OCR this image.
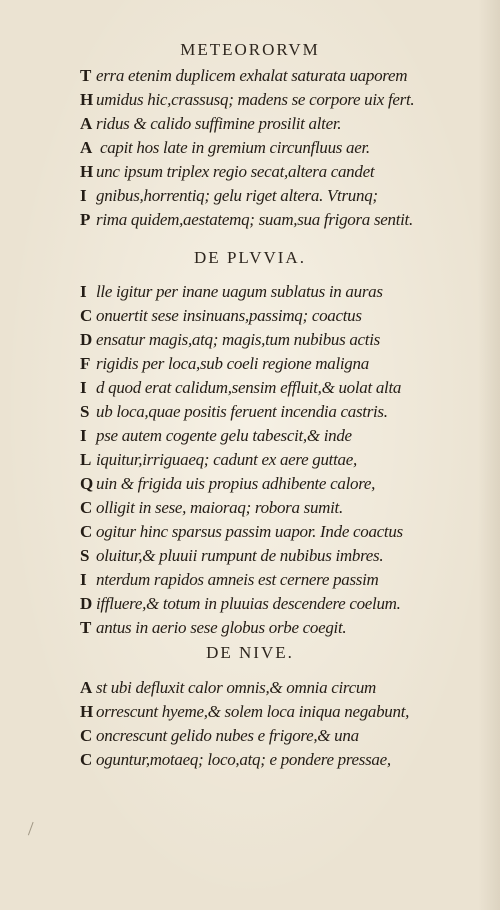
METEORORVM
T erra etenim duplicem exhalat saturata uaporem
H umidus hic,crassusq; madens se corpore uix fert.
A ridus & calido suffimine prosilit alter.
A capit hos late in gremium circunfluus aer.
H unc ipsum triplex regio secat,altera candet
I gnibus,horrentiq; gelu riget altera. Vtrunq;
P rima quidem,aestatemq; suam,sua frigora sentit.
DE PLVVIA.
I lle igitur per inane uagum sublatus in auras
C onuertit sese insinuans,passimq; coactus
D ensatur magis,atq; magis,tum nubibus actis
F rigidis per loca,sub coeli regione maligna
I d quod erat calidum,sensim effluit,& uolat alta
S ub loca,quae positis feruent incendia castris.
I pse autem cogente gelu tabescit,& inde
L iquitur,irriguaeq; cadunt ex aere guttae,
Q uin & frigida uis propius adhibente calore,
C olligit in sese, maioraq; robora sumit.
C ogitur hinc sparsus passim uapor. Inde coactus
S oluitur,& pluuii rumpunt de nubibus imbres.
I nterdum rapidos amneis est cernere passim
D iffluere,& totum in pluuias descendere coelum.
T antus in aerio sese globus orbe coegit.
DE NIVE.
A st ubi defluxit calor omnis,& omnia circum
H orrescunt hyeme,& solem loca iniqua negabunt,
C oncrescunt gelido nubes e frigore,& una
C oguntur,motaeq; loco,atq; e pondere pressae,
